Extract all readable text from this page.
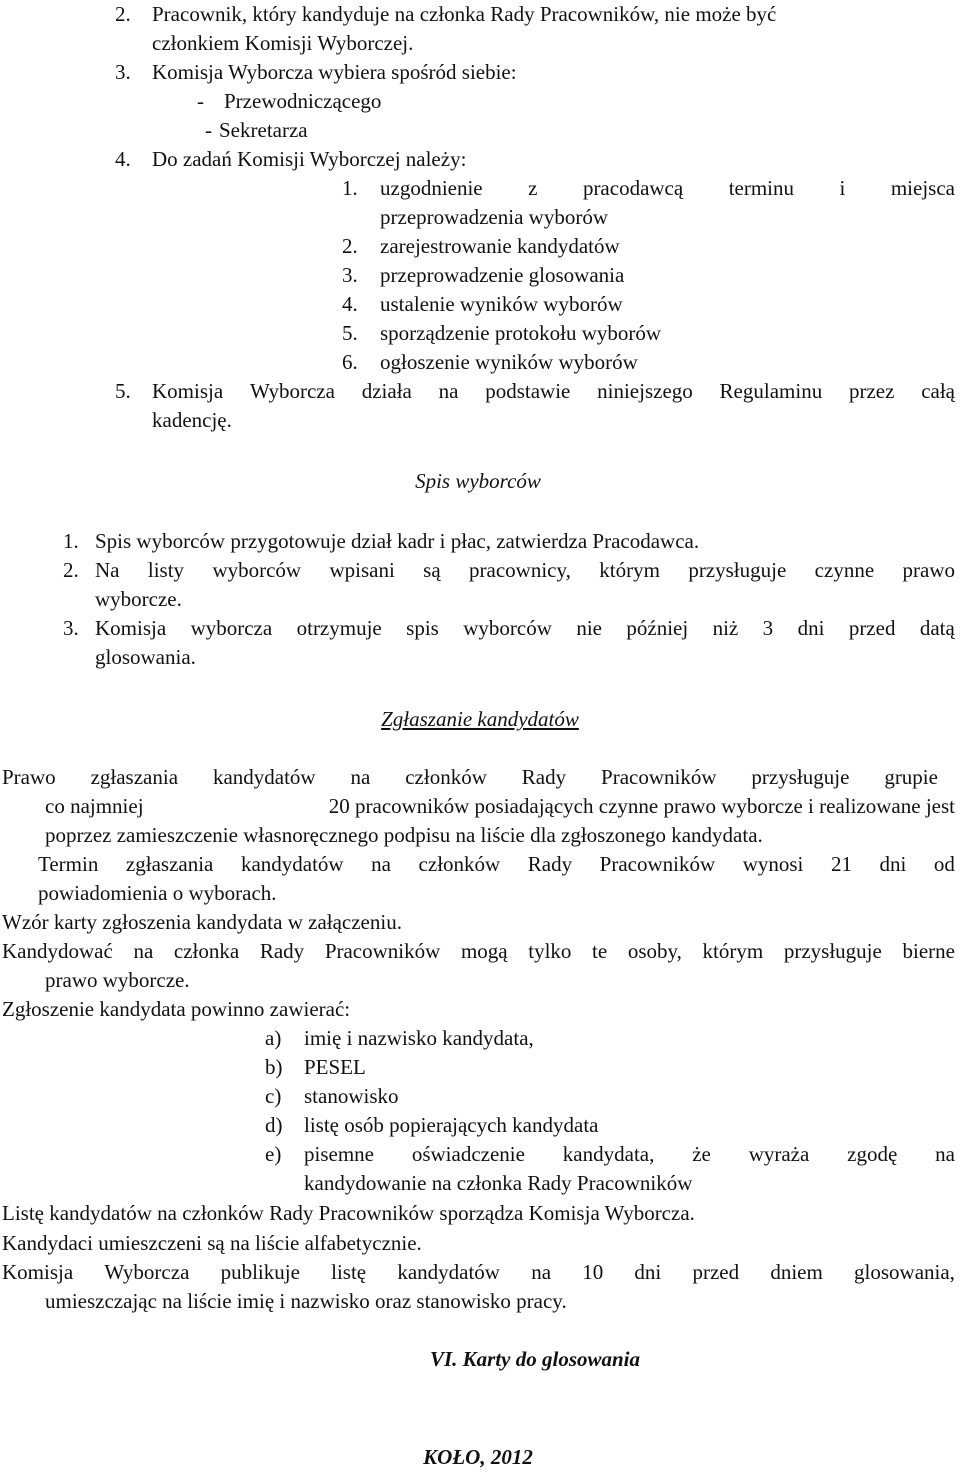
2. Pracownik, który kandyduje na członka Rady Pracowników, nie może być
członkiem Komisji Wyborczej.
3. Komisja Wyborcza wybiera spośród siebie:
- Przewodniczącego
- Sekretarza
4. Do zadań Komisji Wyborczej należy:
1. uzgodnienie z pracodawcą terminu i miejsca
przeprowadzenia wyborów
2. zarejestrowanie kandydatów
3. przeprowadzenie glosowania
4. ustalenie wyników wyborów
5. sporządzenie protokołu wyborów
6. ogłoszenie wyników wyborów
5. Komisja Wyborcza działa na podstawie niniejszego Regulaminu przez całą
kadencję.
Spis wyborców
1. Spis wyborców przygotowuje dział kadr i płac, zatwierdza Pracodawca.
2. Na listy wyborców wpisani są pracownicy, którym przysługuje czynne prawo
wyborcze.
3. Komisja wyborcza otrzymuje spis wyborców nie później niż 3 dni przed datą
glosowania.
Zgłaszanie kandydatów
Prawo zgłaszania kandydatów na członków Rady Pracowników przysługuje grupie
co najmniej	20 pracowników posiadających czynne prawo wyborcze i realizowane jest
poprzez zamieszczenie własnoręcznego podpisu na liście dla zgłoszonego kandydata.
Termin zgłaszania kandydatów na członków Rady Pracowników wynosi 21 dni od
powiadomienia o wyborach.
Wzór karty zgłoszenia kandydata w załączeniu.
Kandydować na członka Rady Pracowników mogą tylko te osoby, którym przysługuje bierne
prawo wyborcze.
Zgłoszenie kandydata powinno zawierać:
a) imię i nazwisko kandydata,
b) PESEL
c) stanowisko
d) listę osób popierających kandydata
e) pisemne oświadczenie kandydata, że wyraża zgodę na
kandydowanie na członka Rady Pracowników
Listę kandydatów na członków Rady Pracowników sporządza Komisja Wyborcza.
Kandydaci umieszczeni są na liście alfabetycznie.
Komisja Wyborcza publikuje listę kandydatów na 10 dni przed dniem glosowania,
umieszczając na liście imię i nazwisko oraz stanowisko pracy.
VI. Karty do glosowania
KOŁO, 2012
